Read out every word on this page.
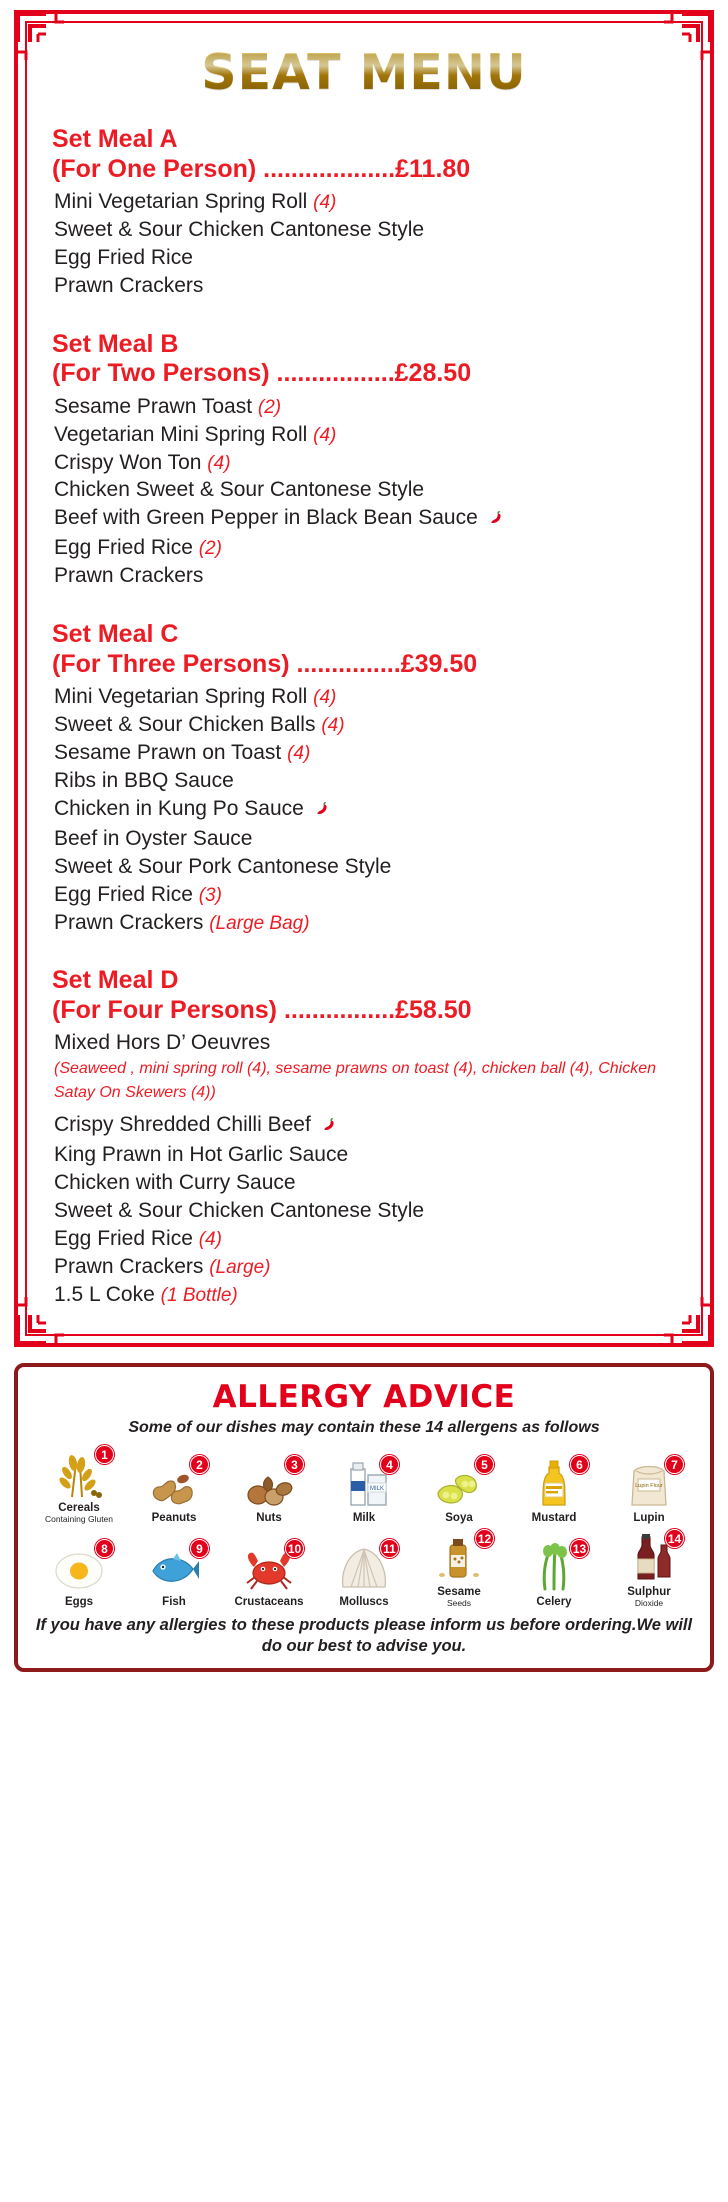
SEAT MENU
Set Meal A
(For One Person) ...................£11.80
Mini Vegetarian Spring Roll (4)
Sweet & Sour Chicken Cantonese Style
Egg Fried Rice
Prawn Crackers
Set Meal B
(For Two Persons) .................£28.50
Sesame Prawn Toast (2)
Vegetarian Mini Spring Roll (4)
Crispy Won Ton (4)
Chicken Sweet & Sour Cantonese Style
Beef with Green Pepper in Black Bean Sauce
Egg Fried Rice (2)
Prawn Crackers
Set Meal C
(For Three Persons) ...............£39.50
Mini Vegetarian Spring Roll (4)
Sweet & Sour Chicken Balls (4)
Sesame Prawn on Toast (4)
Ribs in BBQ Sauce
Chicken in Kung Po Sauce
Beef in Oyster Sauce
Sweet & Sour Pork Cantonese Style
Egg Fried Rice (3)
Prawn Crackers (Large Bag)
Set Meal D
(For Four Persons) ................£58.50
Mixed Hors D’ Oeuvres
(Seaweed , mini spring roll (4), sesame prawns on toast (4), chicken ball (4), Chicken Satay On Skewers (4))
Crispy Shredded Chilli Beef
King Prawn in Hot Garlic Sauce
Chicken with Curry Sauce
Sweet & Sour Chicken Cantonese Style
Egg Fried Rice (4)
Prawn Crackers (Large)
1.5 L Coke (1 Bottle)
ALLERGY ADVICE
Some of our dishes may contain these 14 allergens as follows
1
Cereals
Containing Gluten
2
Peanuts
3
Nuts
4
MILK
Milk
5
Soya
6
Mustard
7
Lupin Flour
Lupin
8
Eggs
9
Fish
10
Crustaceans
11
Molluscs
12
Sesame
Seeds
13
Celery
14
Sulphur
Dioxide
If you have any allergies to these products please inform us before ordering.We will do our best to advise you.
